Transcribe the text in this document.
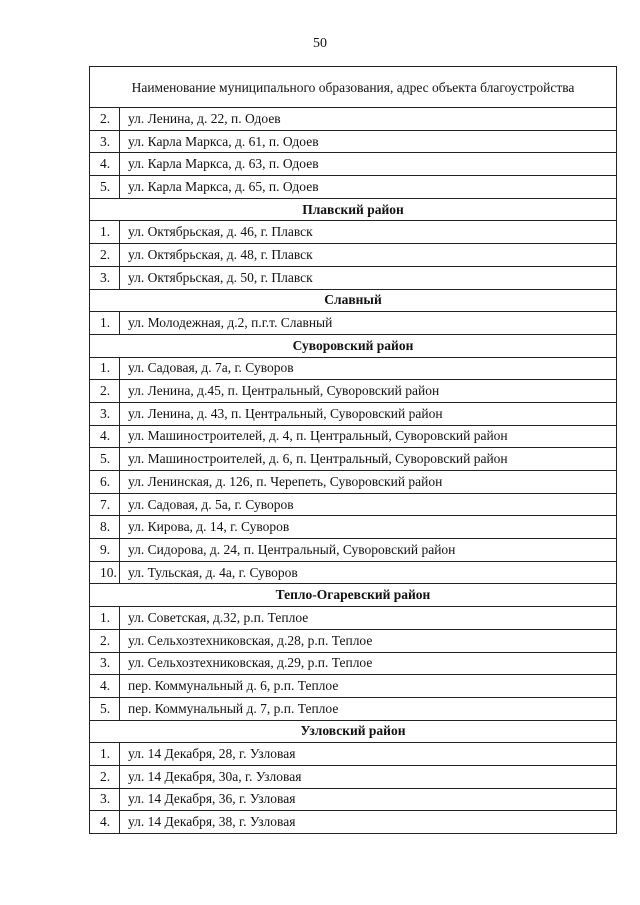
50
Наименование муниципального образования, адрес объекта благоустройства	
2.	ул. Ленина, д. 22, п. Одоев
3.	ул. Карла Маркса, д. 61, п. Одоев
4.	ул. Карла Маркса, д. 63, п. Одоев
5.	ул. Карла Маркса, д. 65, п. Одоев
Плавский район	
1.	ул. Октябрьская, д. 46, г. Плавск
2.	ул. Октябрьская, д. 48, г. Плавск
3.	ул. Октябрьская, д. 50, г. Плавск
Славный	
1.	ул. Молодежная, д.2, п.г.т. Славный
Суворовский район	
1.	ул. Садовая, д. 7а, г. Суворов
2.	ул. Ленина, д.45, п. Центральный, Суворовский район
3.	ул. Ленина, д. 43, п. Центральный, Суворовский район
4.	ул. Машиностроителей, д. 4, п. Центральный, Суворовский район
5.	ул. Машиностроителей, д. 6, п. Центральный, Суворовский район
6.	ул. Ленинская, д. 126, п. Черепеть, Суворовский район
7.	ул. Садовая, д. 5а, г. Суворов
8.	ул. Кирова, д. 14, г. Суворов
9.	ул. Сидорова, д. 24, п. Центральный, Суворовский район
10.	ул. Тульская, д. 4а, г. Суворов
Тепло-Огаревский район	
1.	ул. Советская, д.32, р.п. Теплое
2.	ул. Сельхозтехниковская, д.28, р.п. Теплое
3.	ул. Сельхозтехниковская, д.29, р.п. Теплое
4.	пер. Коммунальный д. 6, р.п. Теплое
5.	пер. Коммунальный д. 7, р.п. Теплое
Узловский район	
1.	ул. 14 Декабря, 28, г. Узловая
2.	ул. 14 Декабря, 30а, г. Узловая
3.	ул. 14 Декабря, 36, г. Узловая
4.	ул. 14 Декабря, 38, г. Узловая
